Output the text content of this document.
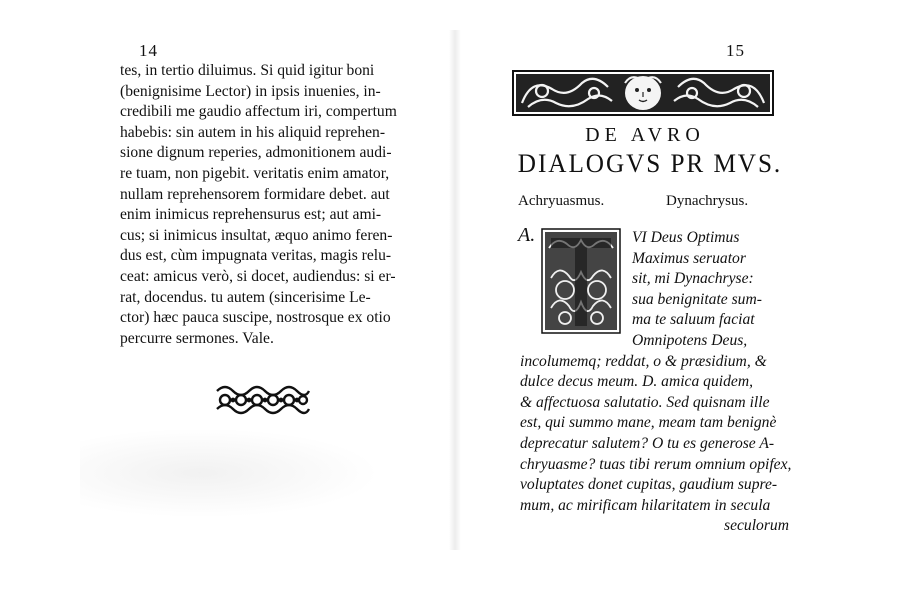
14
tes, in tertio diluimus. Si quid igitur boni
(benignisime Lector) in ipsis inuenies, in-
credibili me gaudio affectum iri, compertum
habebis: sin autem in his aliquid reprehen-
sione dignum reperies, admonitionem audi-
re tuam, non pigebit. veritatis enim amator,
nullam reprehensorem formidare debet. aut
enim inimicus reprehensurus est; aut ami-
cus; si inimicus insultat, æquo animo feren-
dus est, cùm impugnata veritas, magis relu-
ceat: amicus verò, si docet, audiendus: si er-
rat, docendus. tu autem (sincerisime Le-
ctor) hæc pauca suscipe, nostrosque ex otio
percurre sermones. Vale.
15
DE AVRO
DIALOGVS PR MVS.
Achryuasmus.	Dynachrysus.
A.	VI Deus Optimus
Maximus seruator
sit, mi Dynachryse:
sua benignitate sum-
ma te saluum faciat
Omnipotens Deus,
incolumemq; reddat, o & præsidium, &
dulce decus meum. D. amica quidem,
& affectuosa salutatio. Sed quisnam ille
est, qui summo mane, meam tam benignè
deprecatur salutem? O tu es generose A-
chryuasme? tuas tibi rerum omnium opifex,
voluptates donet cupitas, gaudium supre-
mum, ac mirificam hilaritatem in secula
seculorum
